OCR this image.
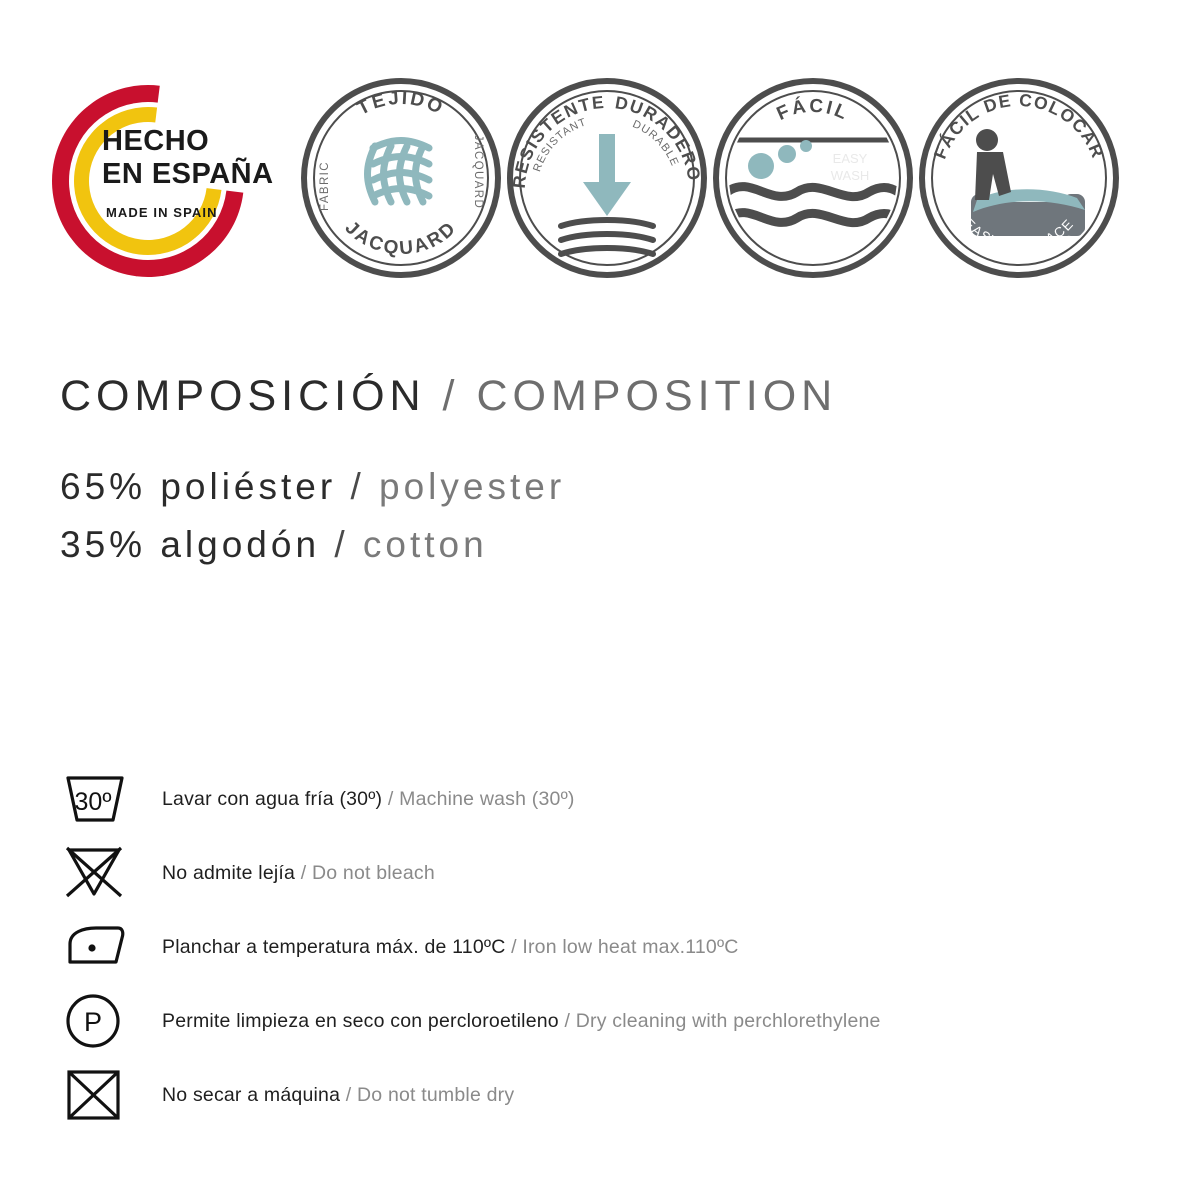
HECHO
EN ESPAÑA
MADE IN SPAIN
TEJIDO
JACQUARD
FABRIC	JACQUARD RESISTENTE DURADERO
RESISTANT	DURABLE
FÁCIL
LAVADO
EASY
WASH
FÁCIL DE COLOCAR
EASY TO PLACE
COMPOSICIÓN / COMPOSITION
65% poliéster / polyester
35% algodón / cotton
30º	Lavar con agua fría (30º) / Machine wash (30º)
No admite lejía / Do not bleach
Planchar a temperatura máx. de 110ºC / Iron low heat max.110ºC
P	Permite limpieza en seco con percloroetileno / Dry cleaning with perchlorethylene
No secar a máquina / Do not tumble dry
